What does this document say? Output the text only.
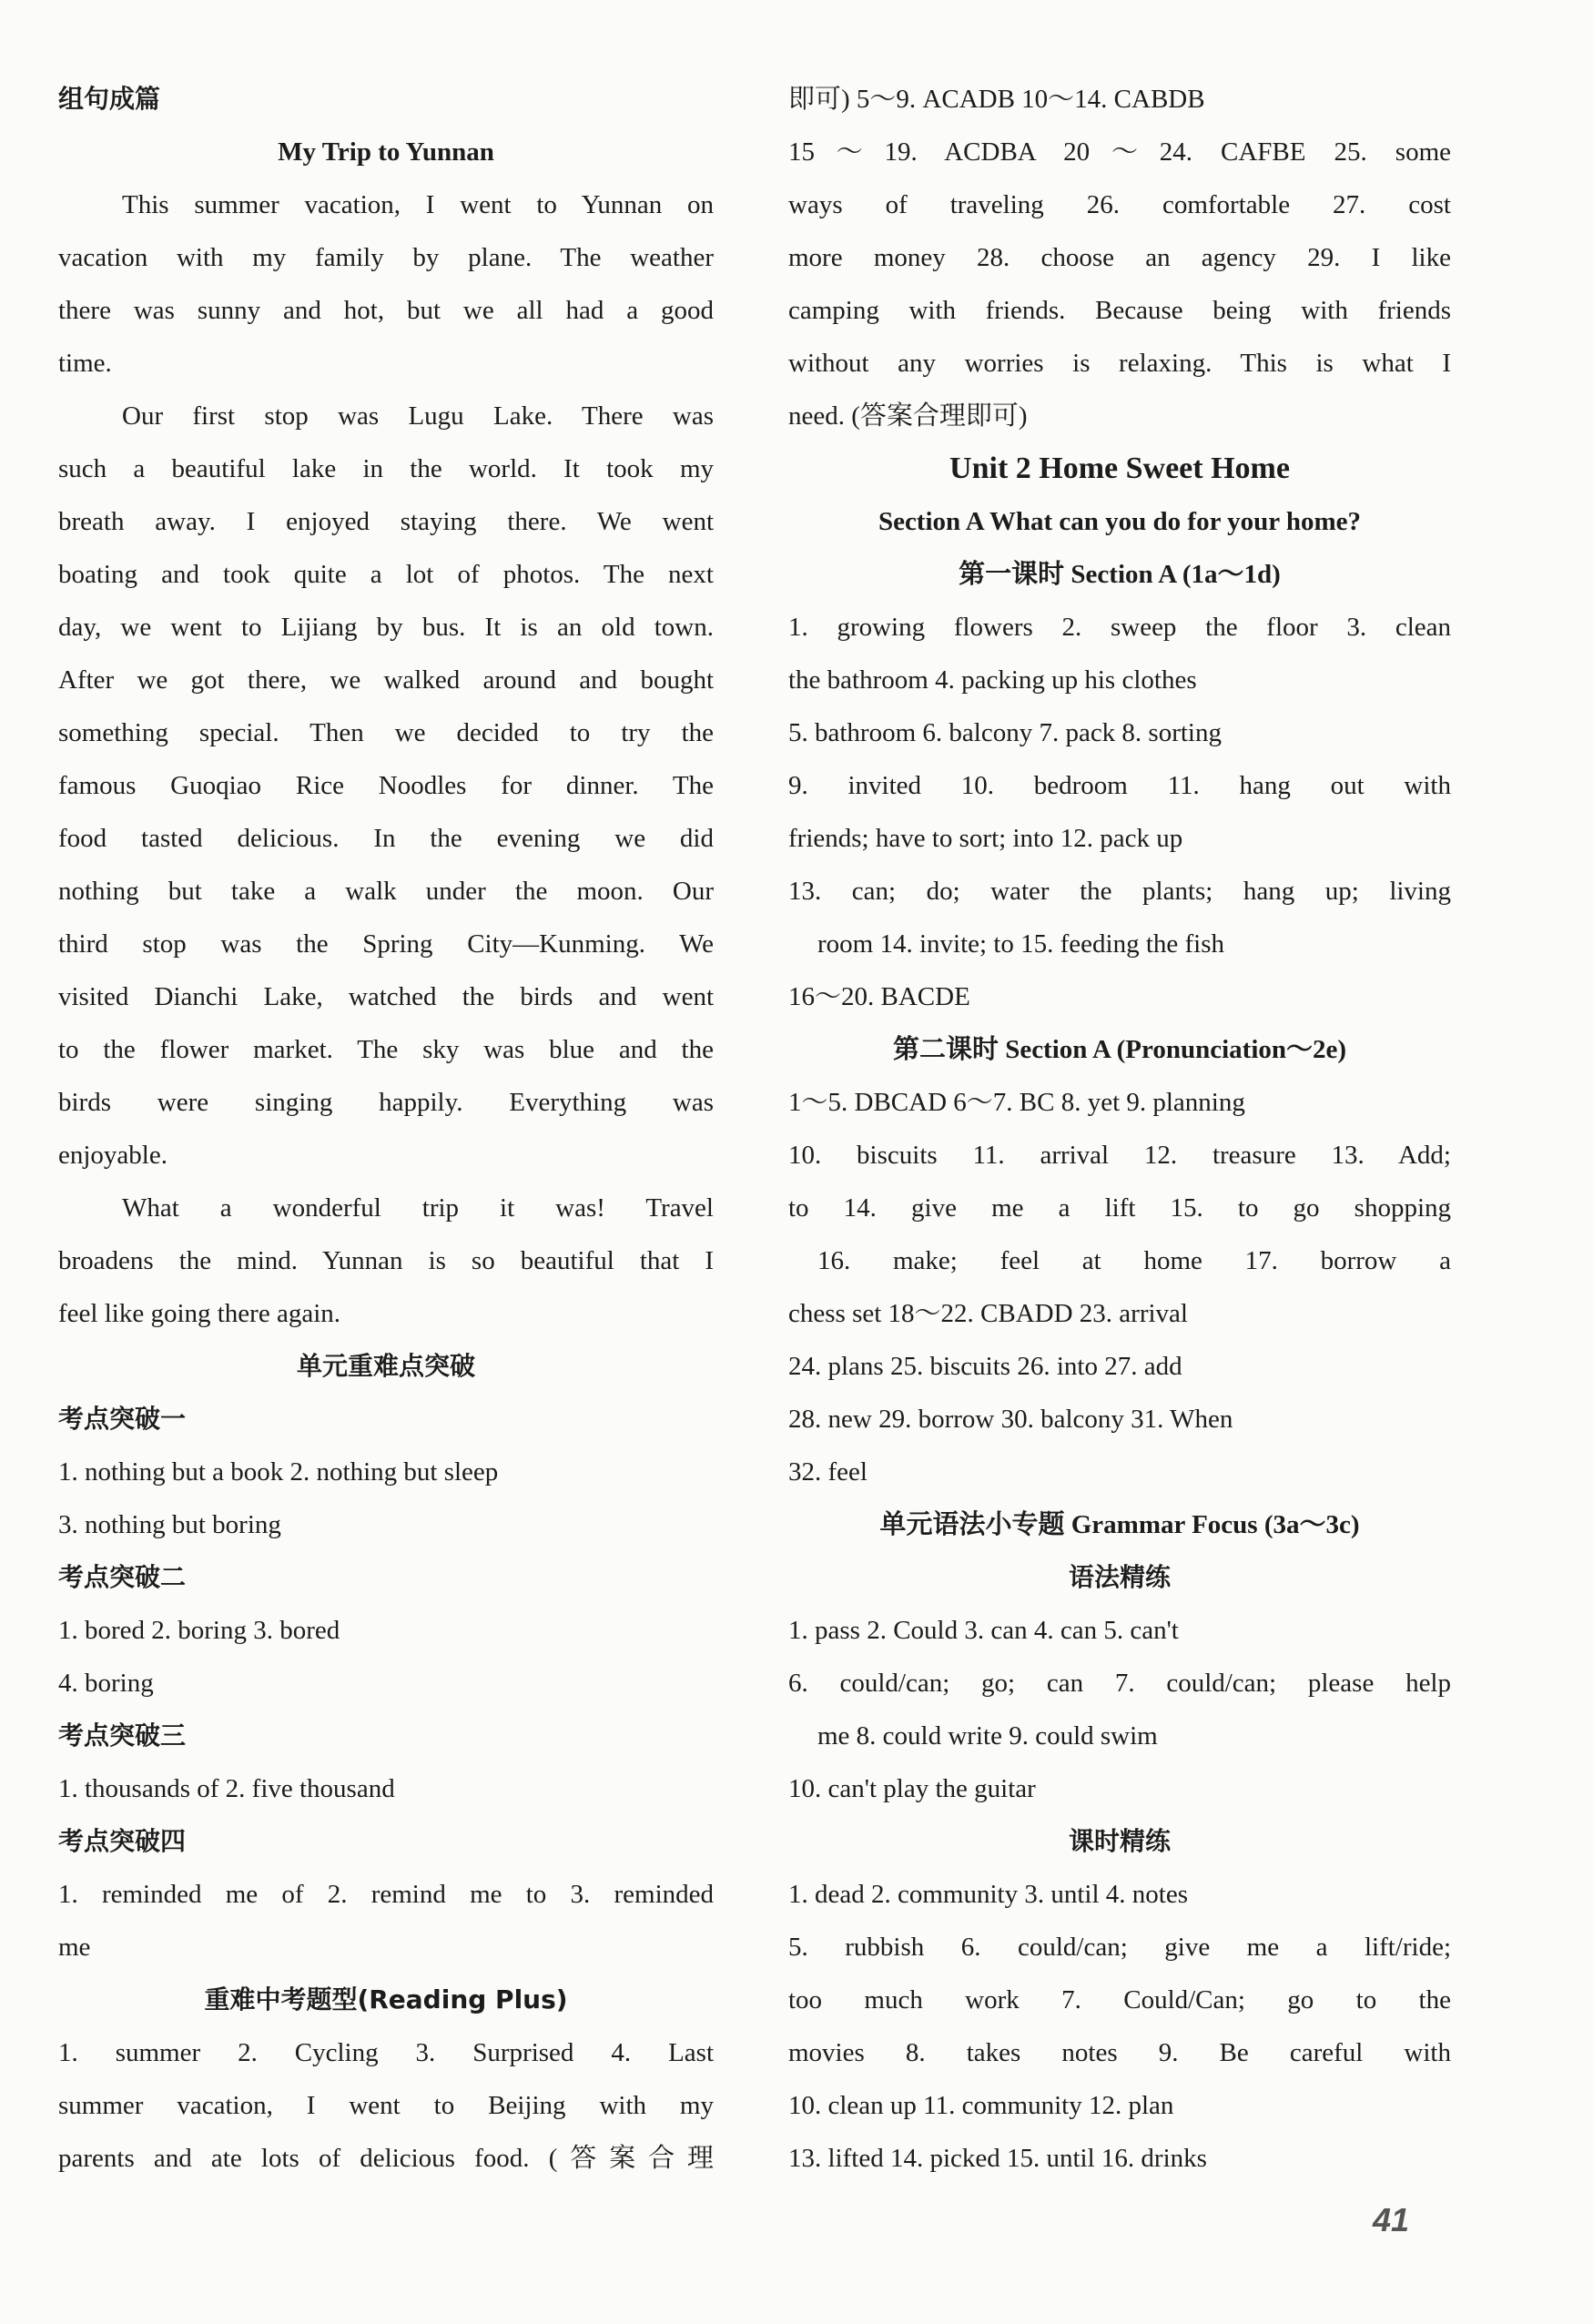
组句成篇
My Trip to Yunnan
This summer vacation, I went to Yunnan on
vacation with my family by plane. The weather
there was sunny and hot, but we all had a good
time.
Our first stop was Lugu Lake. There was
such a beautiful lake in the world. It took my
breath away. I enjoyed staying there. We went
boating and took quite a lot of photos. The next
day, we went to Lijiang by bus. It is an old town.
After we got there, we walked around and bought
something special. Then we decided to try the
famous Guoqiao Rice Noodles for dinner. The
food tasted delicious. In the evening we did
nothing but take a walk under the moon. Our
third stop was the Spring City—Kunming. We
visited Dianchi Lake, watched the birds and went
to the flower market. The sky was blue and the
birds were singing happily. Everything was
enjoyable.
What a wonderful trip it was! Travel
broadens the mind. Yunnan is so beautiful that I
feel like going there again.
单元重难点突破
考点突破一
1. nothing but a book 2. nothing but sleep
3. nothing but boring
考点突破二
1. bored 2. boring 3. bored
4. boring
考点突破三
1. thousands of 2. five thousand
考点突破四
1. reminded me of 2. remind me to 3. reminded
me
重难中考题型(Reading Plus)
1. summer 2. Cycling 3. Surprised 4. Last
summer vacation, I went to Beijing with my
parents and ate lots of delicious food. (答案合理
即可) 5～9. ACADB 10～14. CABDB
15～19. ACDBA 20～24. CAFBE 25. some
ways of traveling 26. comfortable 27. cost
more money 28. choose an agency 29. I like
camping with friends. Because being with friends
without any worries is relaxing. This is what I
need. (答案合理即可)
Unit 2 Home Sweet Home
Section A What can you do for your home?
第一课时 Section A (1a～1d)
1. growing flowers 2. sweep the floor 3. clean
the bathroom 4. packing up his clothes
5. bathroom 6. balcony 7. pack 8. sorting
9. invited 10. bedroom 11. hang out with
friends; have to sort; into 12. pack up
13. can; do; water the plants; hang up; living
room 14. invite; to 15. feeding the fish
16～20. BACDE
第二课时 Section A (Pronunciation～2e)
1～5. DBCAD 6～7. BC 8. yet 9. planning
10. biscuits 11. arrival 12. treasure 13. Add;
to 14. give me a lift 15. to go shopping
16. make; feel at home 17. borrow a
chess set 18～22. CBADD 23. arrival
24. plans 25. biscuits 26. into 27. add
28. new 29. borrow 30. balcony 31. When
32. feel
单元语法小专题 Grammar Focus (3a～3c)
语法精练
1. pass 2. Could 3. can 4. can 5. can't
6. could/can; go; can 7. could/can; please help
me 8. could write 9. could swim
10. can't play the guitar
课时精练
1. dead 2. community 3. until 4. notes
5. rubbish 6. could/can; give me a lift/ride;
too much work 7. Could/Can; go to the
movies 8. takes notes 9. Be careful with
10. clean up 11. community 12. plan
13. lifted 14. picked 15. until 16. drinks
41
